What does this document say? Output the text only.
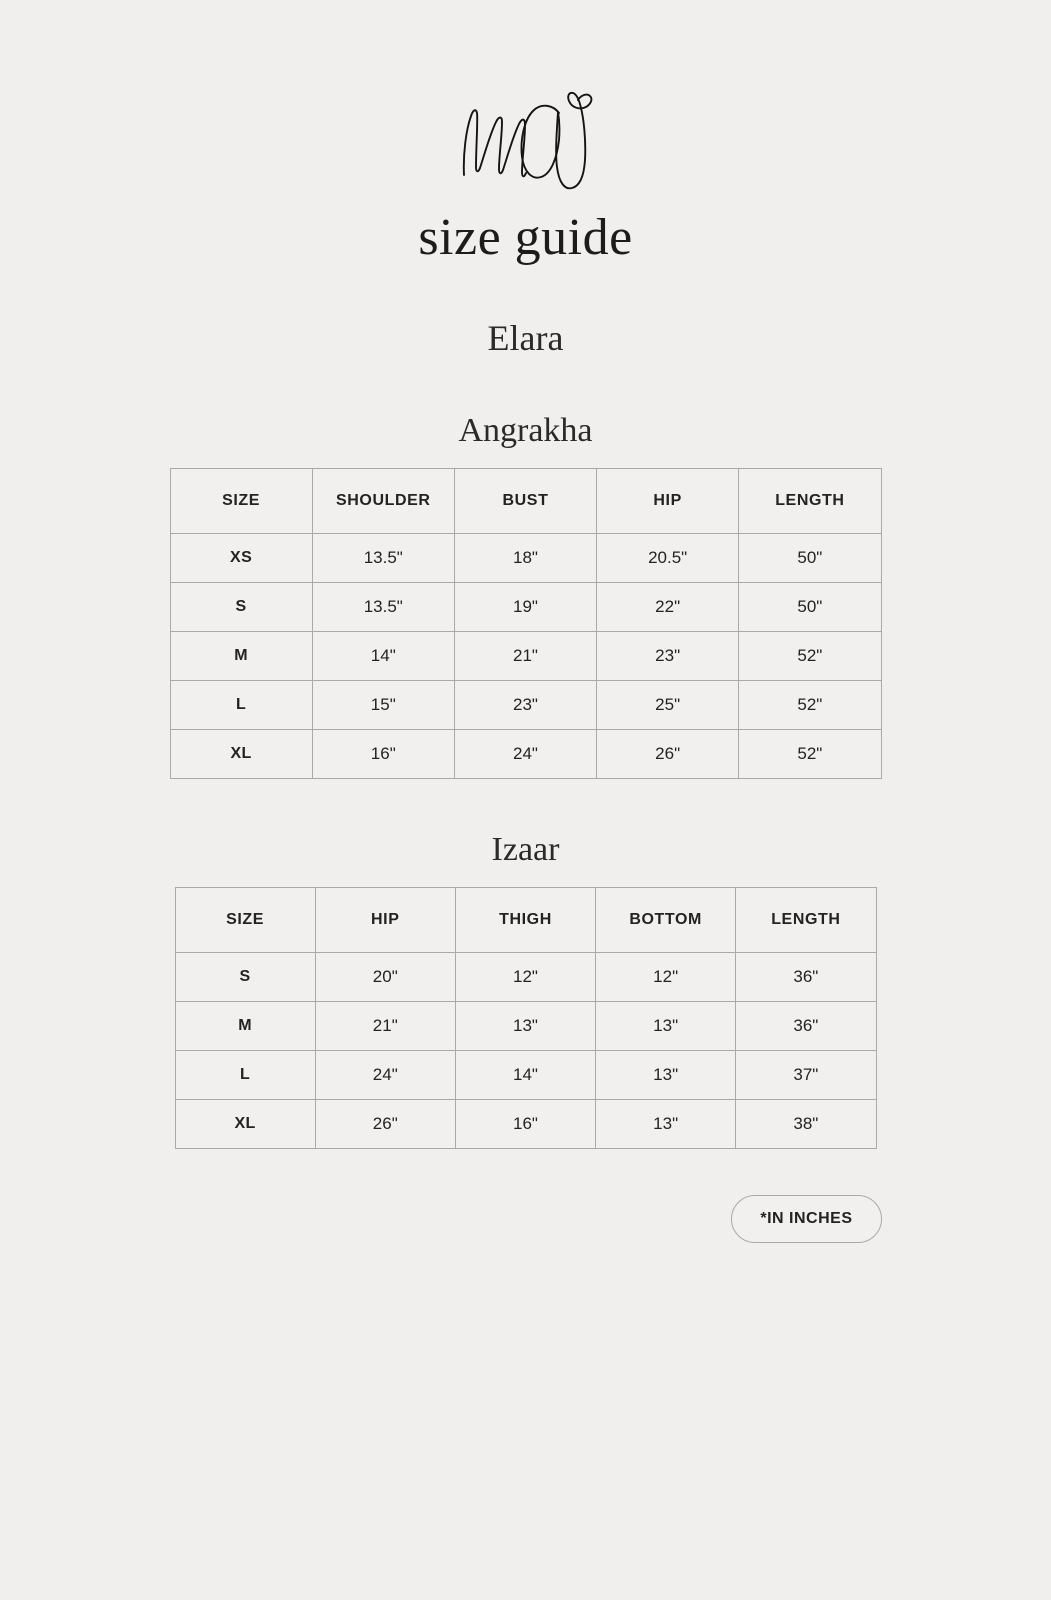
size guide
Elara
Angrakha
SIZE	SHOULDER	BUST	HIP	LENGTH
XS	13.5"	18"	20.5"	50"
S	13.5"	19"	22"	50"
M	14"	21"	23"	52"
L	15"	23"	25"	52"
XL	16"	24"	26"	52"
Izaar
SIZE	HIP	THIGH	BOTTOM	LENGTH
S	20"	12"	12"	36"
M	21"	13"	13"	36"
L	24"	14"	13"	37"
XL	26"	16"	13"	38"
*IN INCHES
